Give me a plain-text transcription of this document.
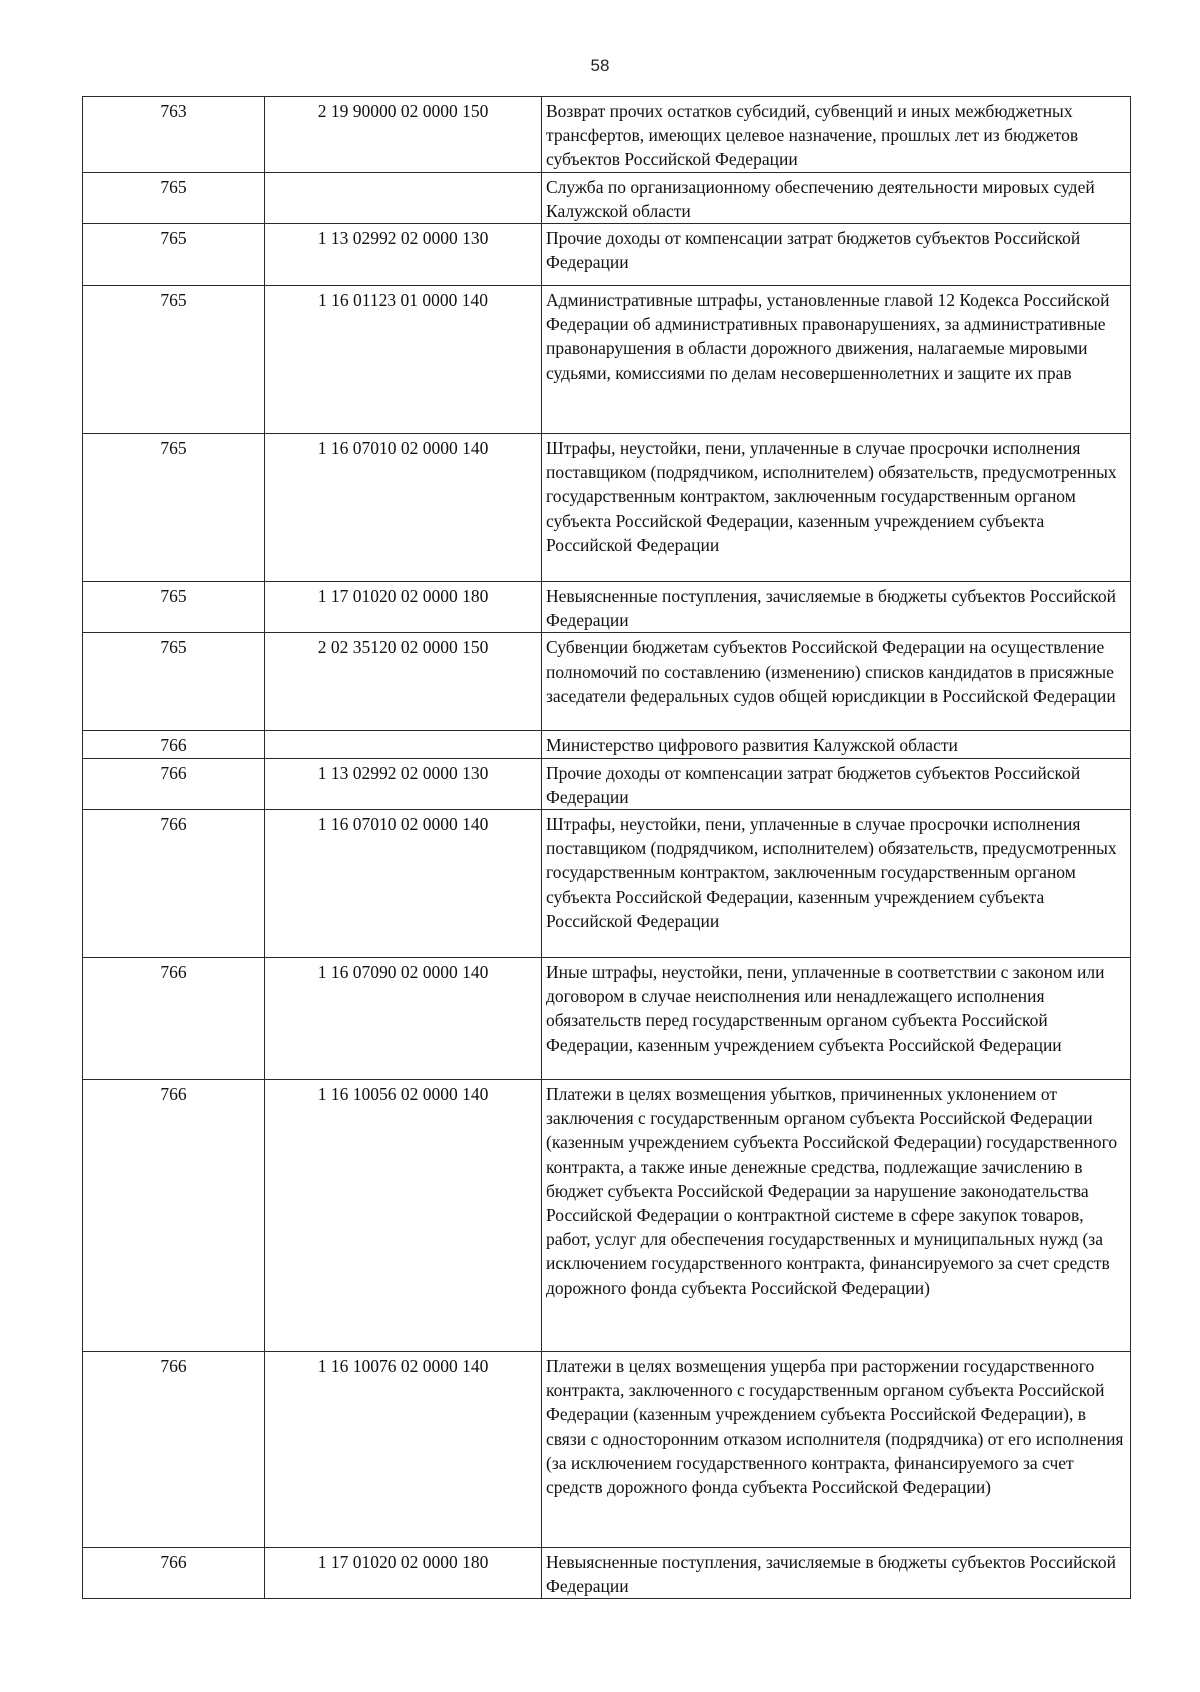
58
763	2 19 90000 02 0000 150	Возврат прочих остатков субсидий, субвенций и иных межбюджетных трансфертов, имеющих целевое назначение, прошлых лет из бюджетов субъектов Российской Федерации
765		Служба по организационному обеспечению деятельности мировых судей Калужской области
765	1 13 02992 02 0000 130	Прочие доходы от компенсации затрат бюджетов субъектов Российской Федерации
765	1 16 01123 01 0000 140	Административные штрафы, установленные главой 12 Кодекса Российской Федерации об административных правонарушениях, за административные правонарушения в области дорожного движения, налагаемые мировыми судьями, комиссиями по делам несовершеннолетних и защите их прав
765	1 16 07010 02 0000 140	Штрафы, неустойки, пени, уплаченные в случае просрочки исполнения поставщиком (подрядчиком, исполнителем) обязательств, предусмотренных государственным контрактом, заключенным государственным органом субъекта Российской Федерации, казенным учреждением субъекта Российской Федерации
765	1 17 01020 02 0000 180	Невыясненные поступления, зачисляемые в бюджеты субъектов Российской Федерации
765	2 02 35120 02 0000 150	Субвенции бюджетам субъектов Российской Федерации на осуществление полномочий по составлению (изменению) списков кандидатов в присяжные заседатели федеральных судов общей юрисдикции в Российской Федерации
766		Министерство цифрового развития Калужской области
766	1 13 02992 02 0000 130	Прочие доходы от компенсации затрат бюджетов субъектов Российской Федерации
766	1 16 07010 02 0000 140	Штрафы, неустойки, пени, уплаченные в случае просрочки исполнения поставщиком (подрядчиком, исполнителем) обязательств, предусмотренных государственным контрактом, заключенным государственным органом субъекта Российской Федерации, казенным учреждением субъекта Российской Федерации
766	1 16 07090 02 0000 140	Иные штрафы, неустойки, пени, уплаченные в соответствии с законом или договором в случае неисполнения или ненадлежащего исполнения обязательств перед государственным органом субъекта Российской Федерации, казенным учреждением субъекта Российской Федерации
766	1 16 10056 02 0000 140	Платежи в целях возмещения убытков, причиненных уклонением от заключения с государственным органом субъекта Российской Федерации (казенным учреждением субъекта Российской Федерации) государственного контракта, а также иные денежные средства, подлежащие зачислению в бюджет субъекта Российской Федерации за нарушение законодательства Российской Федерации о контрактной системе в сфере закупок товаров, работ, услуг для обеспечения государственных и муниципальных нужд (за исключением государственного контракта, финансируемого за счет средств дорожного фонда субъекта Российской Федерации)
766	1 16 10076 02 0000 140	Платежи в целях возмещения ущерба при расторжении государственного контракта, заключенного с государственным органом субъекта Российской Федерации (казенным учреждением субъекта Российской Федерации), в связи с односторонним отказом исполнителя (подрядчика) от его исполнения (за исключением государственного контракта, финансируемого за счет средств дорожного фонда субъекта Российской Федерации)
766	1 17 01020 02 0000 180	Невыясненные поступления, зачисляемые в бюджеты субъектов Российской Федерации
